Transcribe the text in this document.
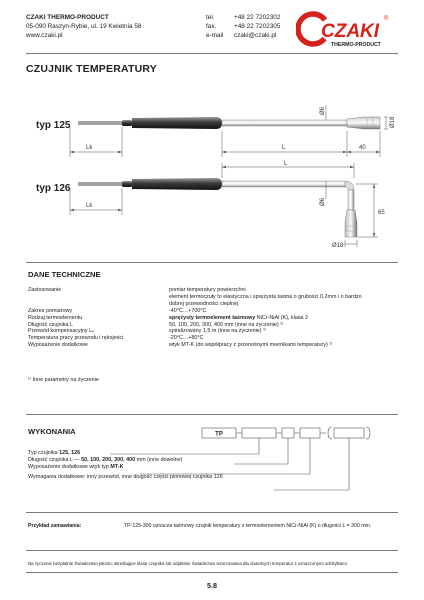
CZAKI THERMO-PRODUCT
05-090 Raszyn-Rybie, ul. 19 Kwietnia 58
www.czaki.pl
tel.	+48 22 7202302
fax.	+48 22 7202305
e-mail	czaki@czaki.pl CZAKI
THERMO-PRODUCT
®
CZUJNIK TEMPERATURY
typ 125
Lk	L	40
Ø6
Ø18
typ 126
L
Lk	Ø6
65
Ø18
DANE TECHNICZNE
Zastosowanie	pomiar temperatury powierzchni
element termoczuły to elastyczna i sprężysta taśma o grubości 0,2mm i o bardzo
dobrej przewodności cieplnej
Zakres pomiarowy	-40°C…+700°C
Rodzaj termoelementu	sprężysty termoelement taśmowy NiCr-NiAl (K), klasa 2
Długość czujnika L	50, 100, 200, 300, 400 mm (inne na życzenie) ¹⁾
Przewód kompensacyjny Lₖ	spiralizowany 1,5 m (inne na życzenie) ¹⁾
Temperatura pracy przewodu i rękojeści	-20°C…+80°C
Wyposażenie dodatkowe	wtyk MT-K (do współpracy z przenośnymi miernikami temperatury) ¹⁾
¹⁾ Inne parametry na życzenie
WYKONANIA	TP
Typ czujnika 125, 126
Długość czujnika L — 50, 100, 200, 300, 400 mm (inne dowolne)
Wyposażenie dodatkowe wtyk typ MT-K
Wymagania dodatkowe: inny przewód, inne długość części pionowej czujnika 126
Przykład zamawiania:	TP-125-300 oznacza taśmowy czujnik temperatury z termoelementem NiCr-NiAl (K) o długości L = 300 mm.
Na życzenie bezpłatnie Świadectwo jakości określające klasę czujnika lub odpłatnie Świadectwo wzorcowania dla dowolnych temperatur z oznaczonymi odchyłkami
5.8
